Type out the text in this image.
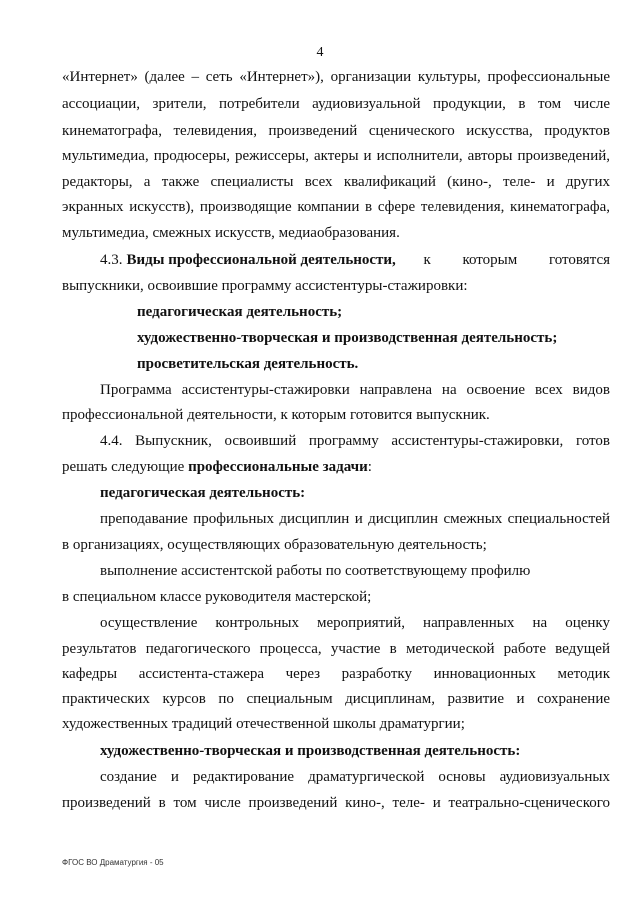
4
«Интернет» (далее – сеть «Интернет»), организации культуры, профессиональные
ассоциации, зрители, потребители аудиовизуальной продукции, в том числе
кинематографа, телевидения, произведений сценического искусства, продуктов
мультимедиа, продюсеры, режиссеры, актеры и исполнители, авторы произведений,
редакторы, а также специалисты всех квалификаций (кино-, теле- и других
экранных искусств), производящие компании в сфере телевидения, кинематографа,
мультимедиа, смежных искусств, медиаобразования.
4.3. Виды профессиональной деятельности,	к которым готовятся
выпускники, освоившие программу ассистентуры-стажировки:
педагогическая деятельность;
художественно-творческая и производственная деятельность;
просветительская деятельность.
Программа ассистентуры-стажировки направлена на освоение всех видов
профессиональной деятельности, к которым готовится выпускник.
4.4. Выпускник, освоивший программу ассистентуры-стажировки, готов
решать следующие профессиональные задачи:
педагогическая деятельность:
преподавание профильных дисциплин и дисциплин смежных специальностей
в организациях, осуществляющих образовательную деятельность;
выполнение ассистентской работы по соответствующему профилю
в специальном классе руководителя мастерской;
осуществление контрольных мероприятий, направленных на оценку
результатов педагогического процесса, участие в методической работе ведущей
кафедры ассистента-стажера через разработку инновационных методик
практических курсов по специальным дисциплинам, развитие и сохранение
художественных традиций отечественной школы драматургии;
художественно-творческая и производственная деятельность:
создание и редактирование драматургической основы аудиовизуальных
произведений в том числе произведений кино-, теле- и театрально-сценического
ФГОС ВО Драматургия - 05
